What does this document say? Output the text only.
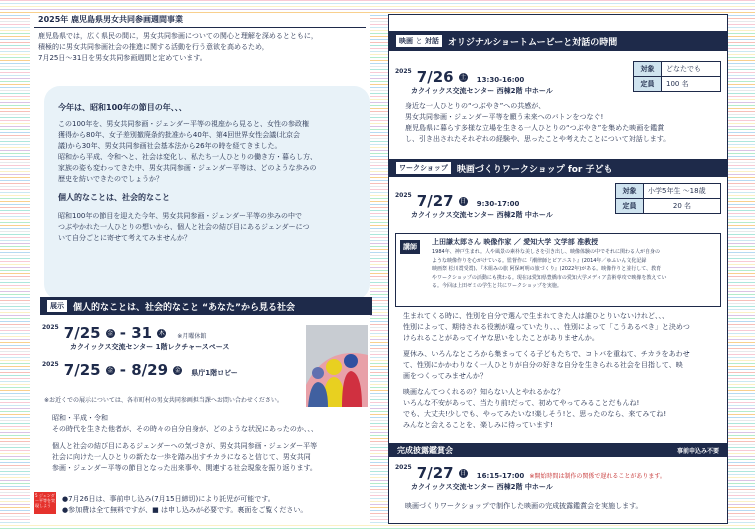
2025年 鹿児島県男女共同参画週間事業
鹿児島県では，広く県民の間に，男女共同参画についての関心と理解を深めるとともに，
積極的に男女共同参画社会の推進に関する活動を行う意欲を高めるため，
7月25日～31日を男女共同参画週間と定めています。
今年は、昭和100年の節目の年、、、
この100年を、男女共同参画・ジェンダー平等の視座から見ると、女性の参政権
獲得から80年、女子差別撤廃条約批准から40年、第4回世界女性会議(北京会
議)から30年、男女共同参画社会基本法から26年の時を経てきました。
昭和から平成、令和へと、社会は変化し、私たち一人ひとりの働き方・暮らし方、
家族の姿も変わってきた中、男女共同参画・ジェンダー平等は、どのような歩みの
歴史を紡いできたのでしょうか？
個人的なことは、社会的なこと
昭和100年の節目を迎えた今年、男女共同参画・ジェンダー平等の歩みの中で
つぶやかれた一人ひとりの想いから、個人と社会の結び目にあるジェンダーにつ
いて自分ごとに寄せて考えてみませんか？
展示	個人的なことは、社会的なこと “あなた”から見る社会
$^{2025}$ 7/25 金 - 31 木 ※月曜休館
カクイックス交流センター 1階レクチャースペース
$^{2025}$ 7/25 金 - 8/29 金 県庁1階ロビー
※お近くでの展示については、各市町村の男女共同参画担当課へお問い合わせください。
昭和・平成・令和
その時代を生きた他者が、その時々の自分自身が、どのような状況にあったのか、、、
個人と社会の結び目にあるジェンダーへの気づきが、男女共同参画・ジェンダー平等
社会に向けた一人ひとりの新たな一歩を踏み出すチカラになると信じて、男女共同
参画・ジェンダー平等の節目となった出来事や、関連する社会現象を振り返ります。
5 ジェンダー平等を実現しよう
●7月26日は、事前申し込み(7月15日締切)により託児が可能です。
●参加費は全て無料ですが、■ は申し込みが必要です。裏面をご覧ください。
映画 と 対話	オリジナルショートムービーと対話の時間
$^{2025}$ 7/26 土 13:30-16:00
カクイックス交流センター 西棟2階 中ホール
対象	どなたでも
定員	100 名
身近な一人ひとりの“つぶやき”への共感が、
男女共同参画・ジェンダー平等を願う未来へのバトンをつなぐ!
鹿児島県に暮らす多様な立場を生きる一人ひとりの“つぶやき”を集めた映画を鑑賞
し、引き出されたそれぞれの経験や、思ったことや考えたことについて対話します。
ワークショップ	映画づくりワークショップ for 子ども
$^{2025}$ 7/27 日 9:30-17:00
カクイックス交流センター 西棟2階 中ホール
対象	小学5年生 ～18歳
定員	20 名
講師
上田謙太郎さん 映像作家 ／ 愛知大学 文学部 准教授
1984年、神戸生まれ。人や風景の素朴な美しさを引き出し、映像体験の中でそれに関わる人が自身の
ような映像作りを心がけている。監督作に『潮律師とピアニスト』(2014年／ゆふいん文化記録
映画祭 松川賞受賞)、『木組みの旅 阿保呵明の旅づくり』(2022年)がある。映像作りと並行して、教育
やワークショップの活動にも携わる。現在は愛知県豊橋市の愛知大学メディア芸術専攻で映像を教えてい
る。今回は上田ゼミの学生と共にワークショップを実施。
生まれてくる時に、性別を自分で選んで生まれてきた人は誰ひとりいないけれど、、、
性別によって、期待される役割が違っていたり、、、性別によって「こうあるべき」と決めつ
けられることがあってイヤな思いをしたことがありませんか。
夏休み、いろんなところから集まってくる子どもたちで、コトバを重ねて、チカラをあわせ
て、性別にかかわりなく一人ひとりが自分の好きな自分を生きられる社会を目指して、映
画をつくってみませんか？
映画なんてつくれるの？知らない人とやれるかな？
いろんな不安があって、当たり前!だって、初めてやってみることだもんね!
でも、大丈夫!少しでも、やってみたいな!楽しそう!と、思ったのなら、来てみてね!
みんなと会えることを、楽しみに待っています!
完成披露鑑賞会	事前申込み不要
$^{2025}$ 7/27 日 16:15-17:00 ※開始時間は制作の関係で遅れることがあります。
カクイックス交流センター 西棟2階 中ホール
映画づくりワークショップで制作した映画の完成披露鑑賞会を実施します。
